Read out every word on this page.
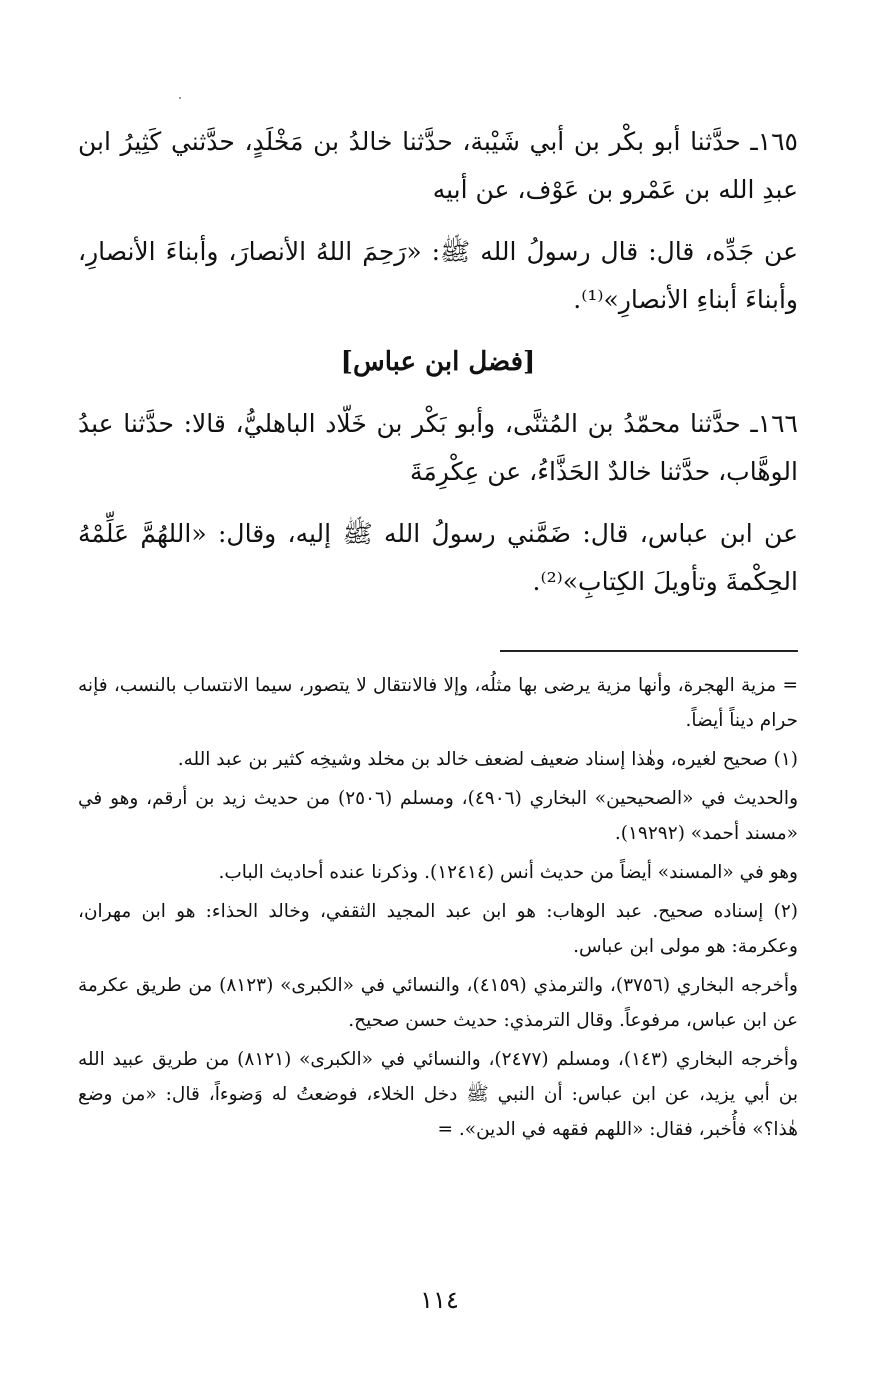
١٦٥ـ حدَّثنا أبو بكْر بن أبي شَيْبة، حدَّثنا خالدُ بن مَخْلَدٍ، حدَّثني كَثِيرُ ابن عبدِ الله بن عَمْرو بن عَوْف، عن أبيه

عن جَدِّه، قال: قال رسولُ الله ﷺ: «رَحِمَ اللهُ الأنصارَ، وأبناءَ الأنصارِ، وأبناءَ أبناءِ الأنصارِ»⁽¹⁾.

[فضل ابن عباس]

١٦٦ـ حدَّثنا محمّدُ بن المُثنَّى، وأبو بَكْر بن خَلّاد الباهليُّ، قالا: حدَّثنا عبدُ الوهَّاب، حدَّثنا خالدٌ الحَذَّاءُ، عن عِكْرِمَةَ

عن ابن عباس، قال: ضَمَّني رسولُ الله ﷺ إليه، وقال: «اللهُمَّ عَلِّمْهُ الحِكْمةَ وتأويلَ الكِتابِ»⁽²⁾.

= مزية الهجرة، وأنها مزية يرضى بها مثلُه، وإلا فالانتقال لا يتصور، سيما الانتساب بالنسب، فإنه حرام ديناً أيضاً.

(١) صحيح لغيره، وهٰذا إسناد ضعيف لضعف خالد بن مخلد وشيخِه كثير بن عبد الله.

والحديث في «الصحيحين» البخاري (٤٩٠٦)، ومسلم (٢٥٠٦) من حديث زيد بن أرقم، وهو في «مسند أحمد» (١٩٢٩٢).

وهو في «المسند» أيضاً من حديث أنس (١٢٤١٤). وذكرنا عنده أحاديث الباب.

(٢) إسناده صحيح. عبد الوهاب: هو ابن عبد المجيد الثقفي، وخالد الحذاء: هو ابن مهران، وعكرمة: هو مولى ابن عباس.

وأخرجه البخاري (٣٧٥٦)، والترمذي (٤١٥٩)، والنسائي في «الكبرى» (٨١٢٣) من طريق عكرمة عن ابن عباس، مرفوعاً. وقال الترمذي: حديث حسن صحيح.

وأخرجه البخاري (١٤٣)، ومسلم (٢٤٧٧)، والنسائي في «الكبرى» (٨١٢١) من طريق عبيد الله بن أبي يزيد، عن ابن عباس: أن النبي ﷺ دخل الخلاء، فوضعتُ له وَضوءاً، قال: «من وضع هٰذا؟» فأُخبر، فقال: «اللهم فقهه في الدين». =

١١٤
